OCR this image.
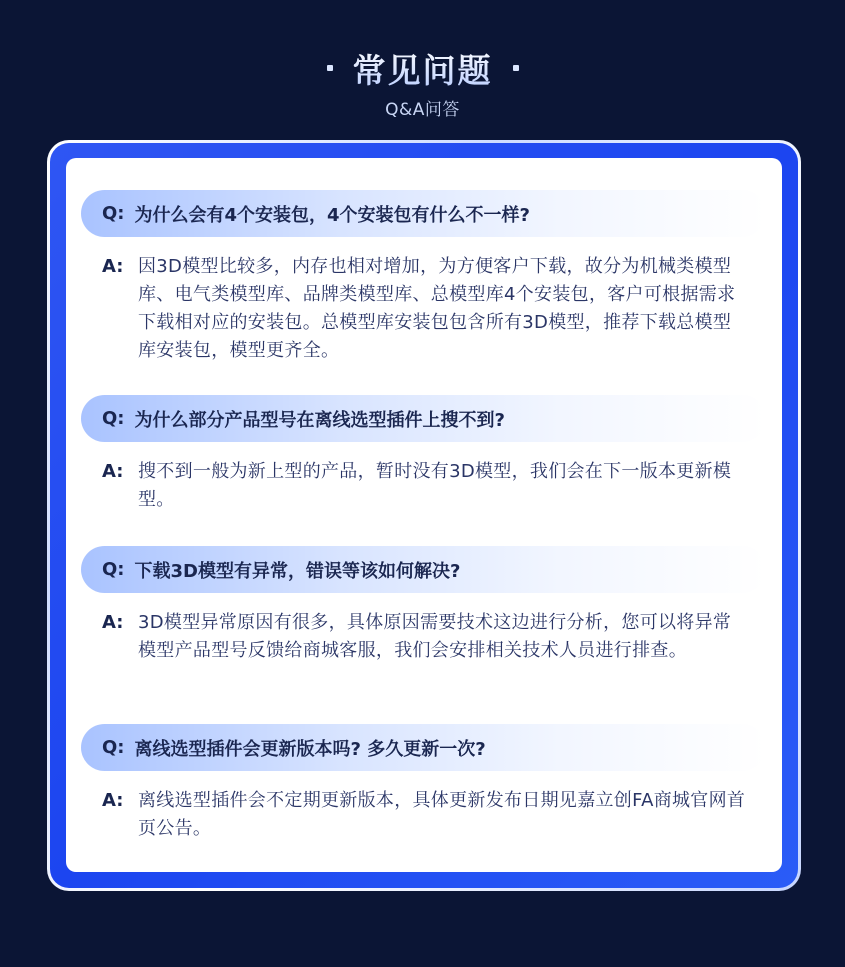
常见问题
Q&A问答
Q: 为什么会有4个安装包，4个安装包有什么不一样?
A: 因3D模型比较多，内存也相对增加，为方便客户下载，故分为机械类模型库、电气类模型库、品牌类模型库、总模型库4个安装包，客户可根据需求下载相对应的安装包。总模型库安装包包含所有3D模型，推荐下载总模型库安装包，模型更齐全。
Q: 为什么部分产品型号在离线选型插件上搜不到?
A: 搜不到一般为新上型的产品，暂时没有3D模型，我们会在下一版本更新模型。
Q: 下载3D模型有异常，错误等该如何解决?
A: 3D模型异常原因有很多，具体原因需要技术这边进行分析，您可以将异常模型产品型号反馈给商城客服，我们会安排相关技术人员进行排查。
Q: 离线选型插件会更新版本吗? 多久更新一次?
A: 离线选型插件会不定期更新版本，具体更新发布日期见嘉立创FA商城官网首页公告。
